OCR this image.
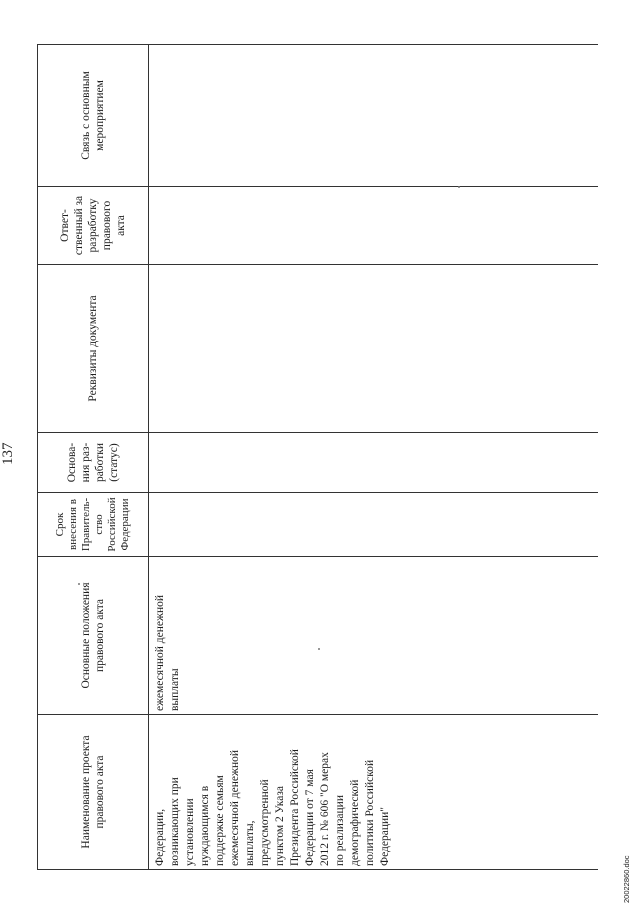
137
Наименование проекта
правового акта
Основные положения
правового акта
Срок
внесения в
Правитель-
ство
Российской
Федерации
Основа-
ния раз-
работки
(статус)
Реквизиты документа
Ответ-
ственный за
разработку
правового
акта
Связь с основным
мероприятием
Федерации,
возникающих при
установлении
нуждающимся в
поддержке семьям
ежемесячной денежной
выплаты,
предусмотренной
пунктом 2 Указа
Президента Российской
Федерации от 7 мая
2012 г. № 606 "О мерах
по реализации
демографической
политики Российской
Федерации"
ежемесячной денежной
выплаты
20022860.doc
